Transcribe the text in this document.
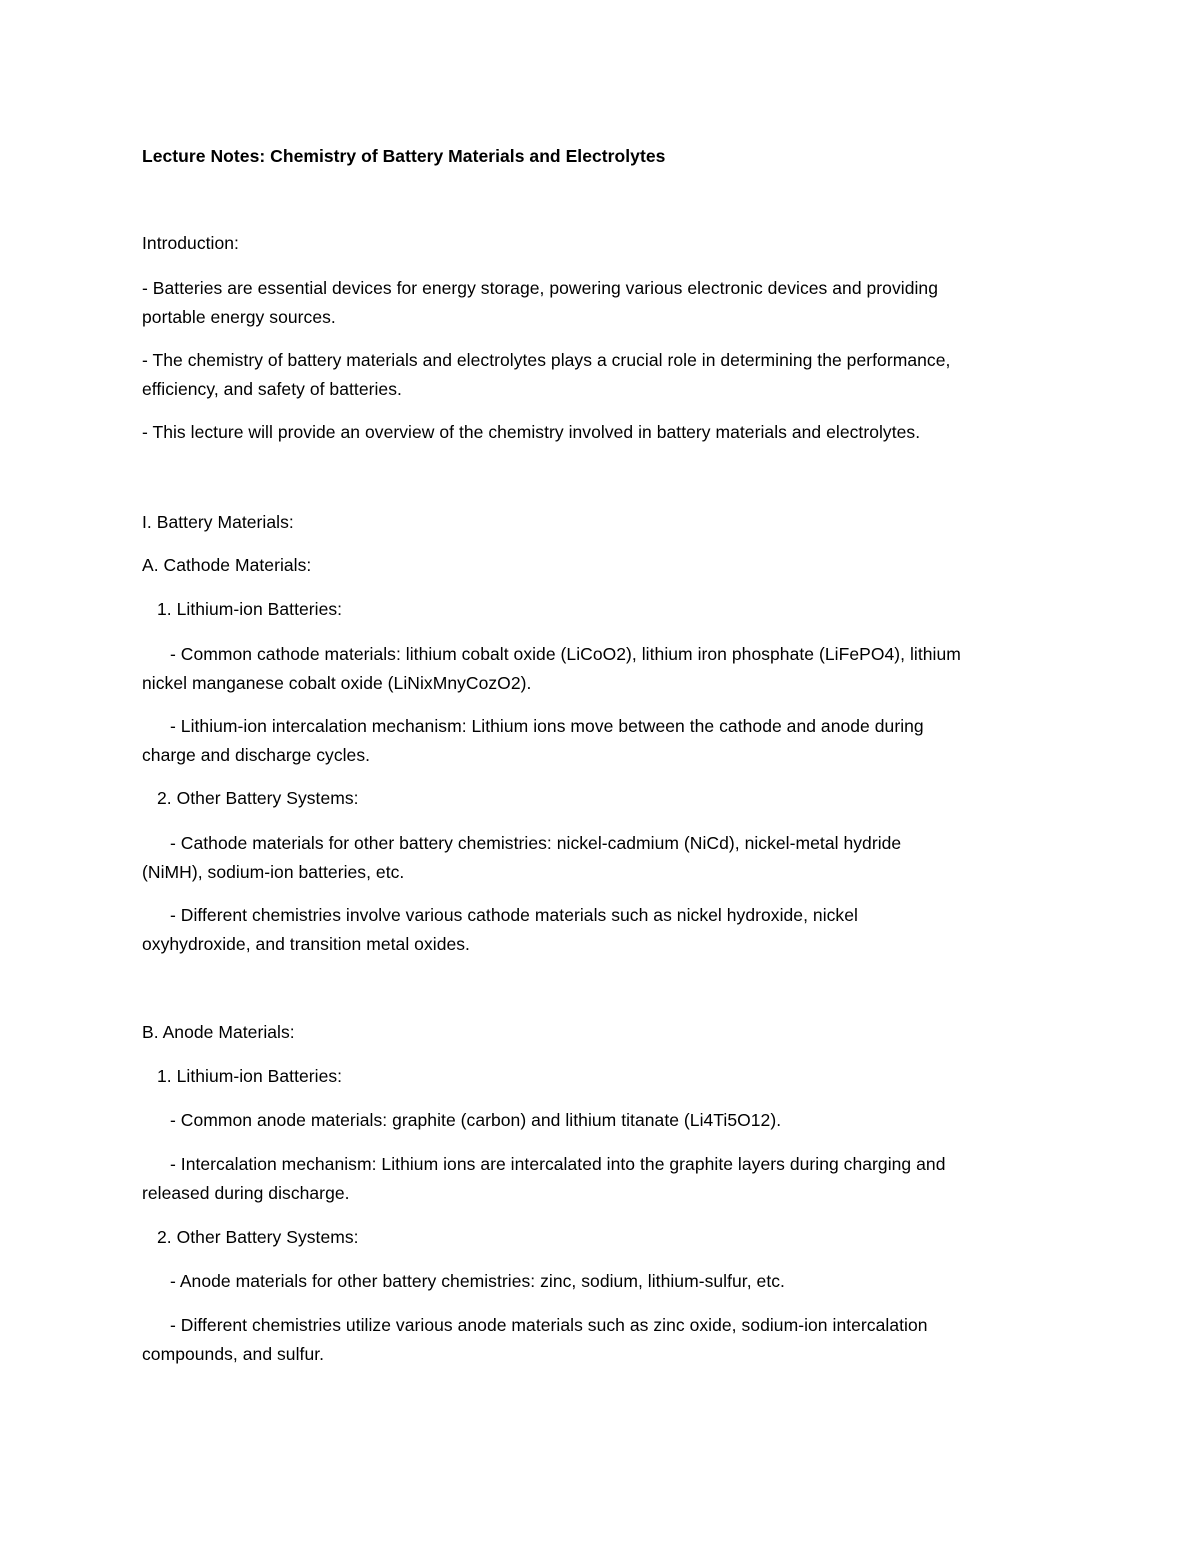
Lecture Notes: Chemistry of Battery Materials and Electrolytes
Introduction:
- Batteries are essential devices for energy storage, powering various electronic devices and providing
portable energy sources.
- The chemistry of battery materials and electrolytes plays a crucial role in determining the performance,
efficiency, and safety of batteries.
- This lecture will provide an overview of the chemistry involved in battery materials and electrolytes.
I. Battery Materials:
A. Cathode Materials:
1. Lithium-ion Batteries:
- Common cathode materials: lithium cobalt oxide (LiCoO2), lithium iron phosphate (LiFePO4), lithium
nickel manganese cobalt oxide (LiNixMnyCozO2).
- Lithium-ion intercalation mechanism: Lithium ions move between the cathode and anode during
charge and discharge cycles.
2. Other Battery Systems:
- Cathode materials for other battery chemistries: nickel-cadmium (NiCd), nickel-metal hydride
(NiMH), sodium-ion batteries, etc.
- Different chemistries involve various cathode materials such as nickel hydroxide, nickel
oxyhydroxide, and transition metal oxides.
B. Anode Materials:
1. Lithium-ion Batteries:
- Common anode materials: graphite (carbon) and lithium titanate (Li4Ti5O12).
- Intercalation mechanism: Lithium ions are intercalated into the graphite layers during charging and
released during discharge.
2. Other Battery Systems:
- Anode materials for other battery chemistries: zinc, sodium, lithium-sulfur, etc.
- Different chemistries utilize various anode materials such as zinc oxide, sodium-ion intercalation
compounds, and sulfur.
